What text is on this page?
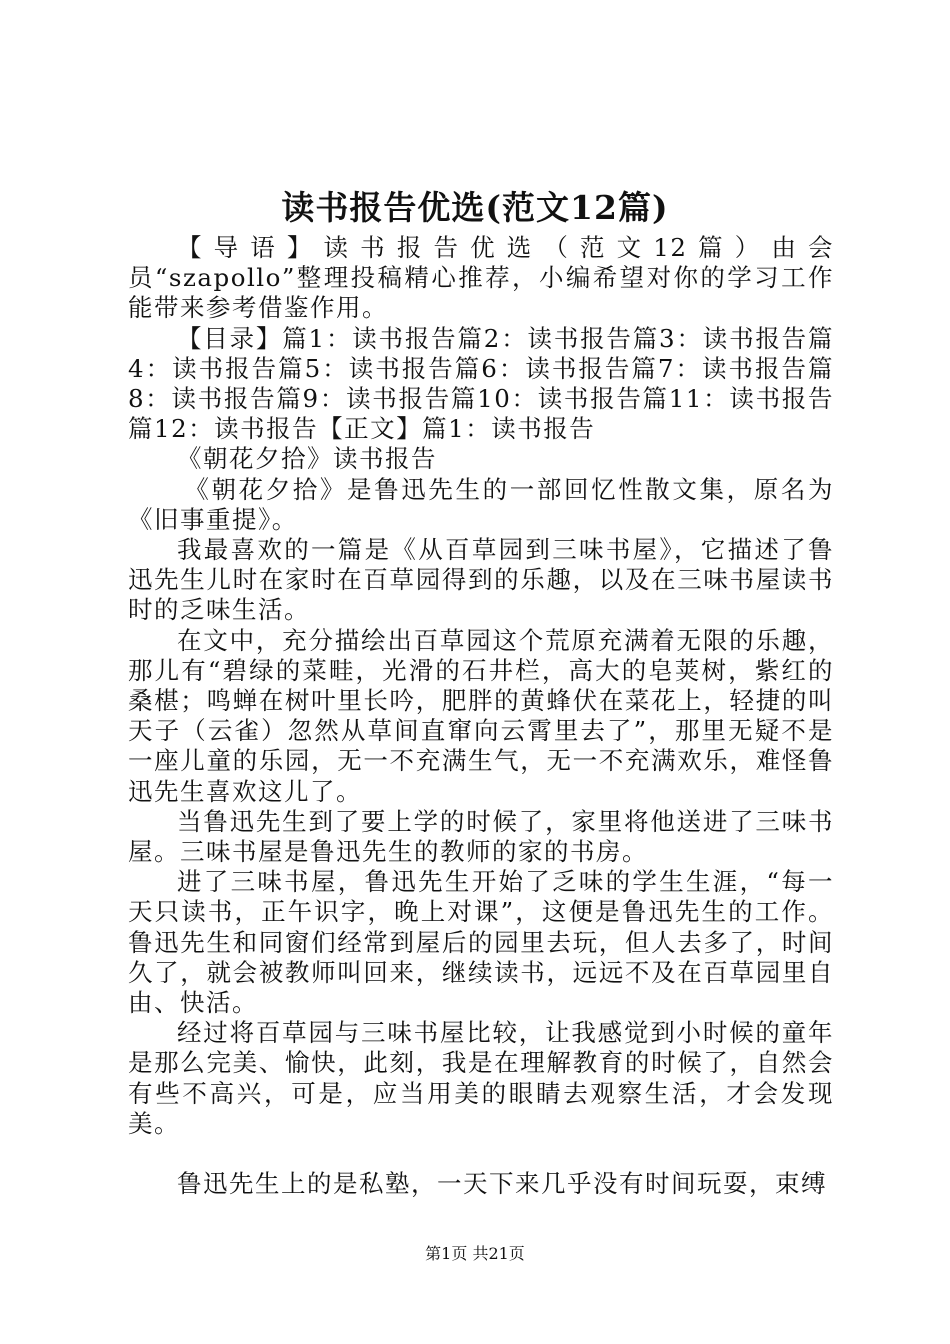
读书报告优选(范文12篇)

【导语】读书报告优选（范文12篇）由会员“szapollo”整理投稿精心推荐，小编希望对你的学习工作能带来参考借鉴作用。

【目录】篇1：读书报告篇2：读书报告篇3：读书报告篇4：读书报告篇5：读书报告篇6：读书报告篇7：读书报告篇8：读书报告篇9：读书报告篇10：读书报告篇11：读书报告篇12：读书报告【正文】篇1：读书报告

《朝花夕拾》读书报告

《朝花夕拾》是鲁迅先生的一部回忆性散文集，原名为《旧事重提》。

我最喜欢的一篇是《从百草园到三味书屋》，它描述了鲁迅先生儿时在家时在百草园得到的乐趣，以及在三味书屋读书时的乏味生活。

在文中，充分描绘出百草园这个荒原充满着无限的乐趣，那儿有“碧绿的菜畦，光滑的石井栏，高大的皂荚树，紫红的桑椹；鸣蝉在树叶里长吟，肥胖的黄蜂伏在菜花上，轻捷的叫天子（云雀）忽然从草间直窜向云霄里去了”，那里无疑不是一座儿童的乐园，无一不充满生气，无一不充满欢乐，难怪鲁迅先生喜欢这儿了。

当鲁迅先生到了要上学的时候了，家里将他送进了三味书屋。三味书屋是鲁迅先生的教师的家的书房。

进了三味书屋，鲁迅先生开始了乏味的学生生涯，“每一天只读书，正午识字，晚上对课”，这便是鲁迅先生的工作。鲁迅先生和同窗们经常到屋后的园里去玩，但人去多了，时间久了，就会被教师叫回来，继续读书，远远不及在百草园里自由、快活。

经过将百草园与三味书屋比较，让我感觉到小时候的童年是那么完美、愉快，此刻，我是在理解教育的时候了，自然会有些不高兴，可是，应当用美的眼睛去观察生活，才会发现美。

鲁迅先生上的是私塾，一天下来几乎没有时间玩耍，束缚

第1页 共21页
